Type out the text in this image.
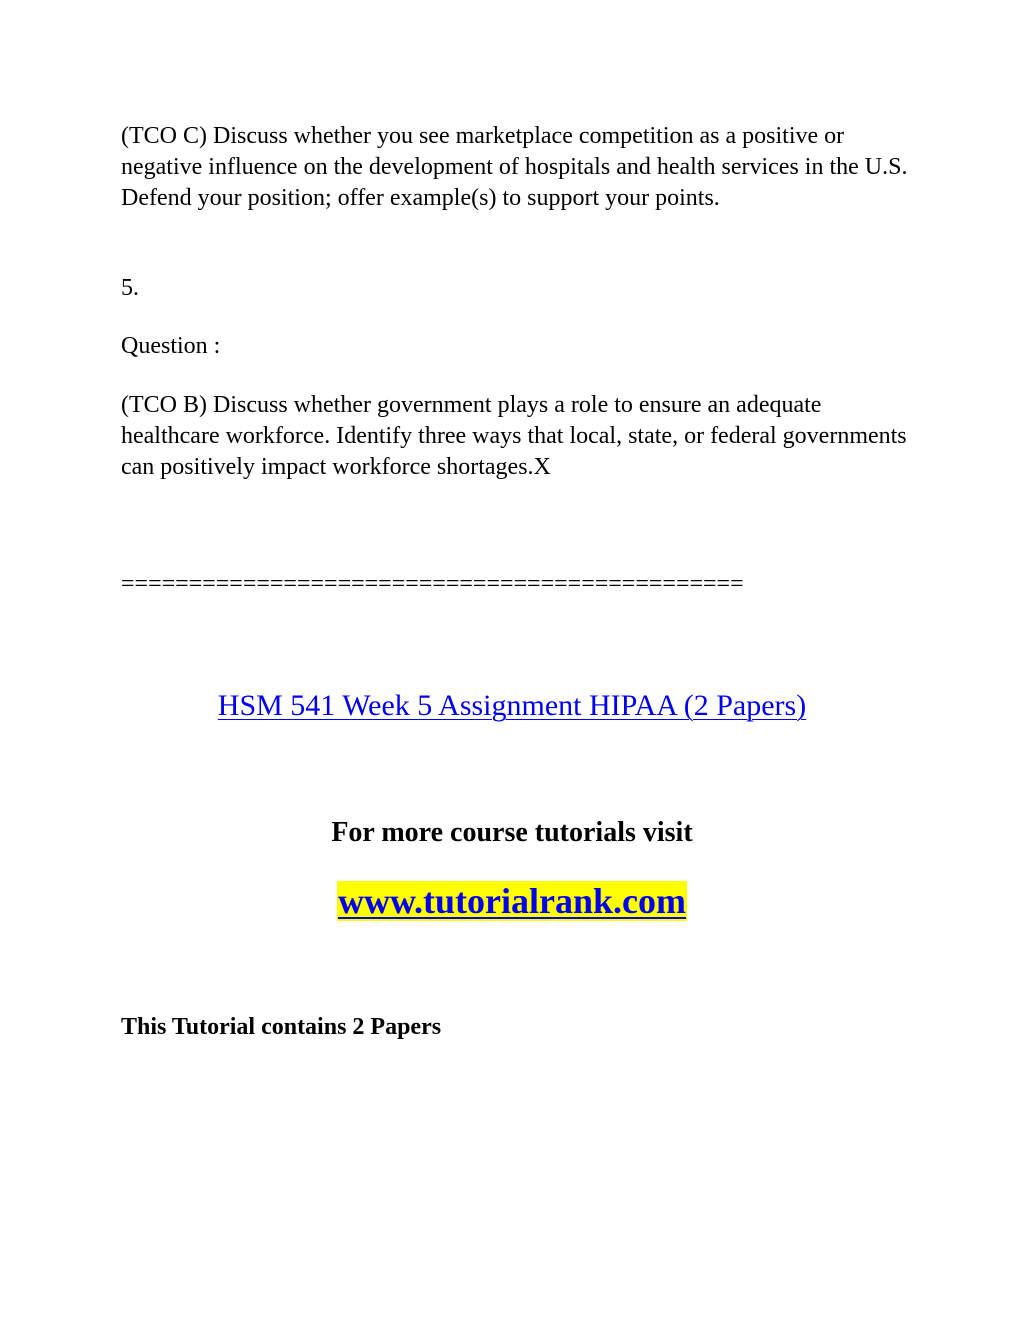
(TCO C) Discuss whether you see marketplace competition as a positive or negative influence on the development of hospitals and health services in the U.S. Defend your position; offer example(s) to support your points.

5.

Question :

(TCO B) Discuss whether government plays a role to ensure an adequate healthcare workforce. Identify three ways that local, state, or federal governments can positively impact workforce shortages.X

==============================================

HSM 541 Week 5 Assignment HIPAA (2 Papers)

For more course tutorials visit

www.tutorialrank.com

This Tutorial contains 2 Papers
